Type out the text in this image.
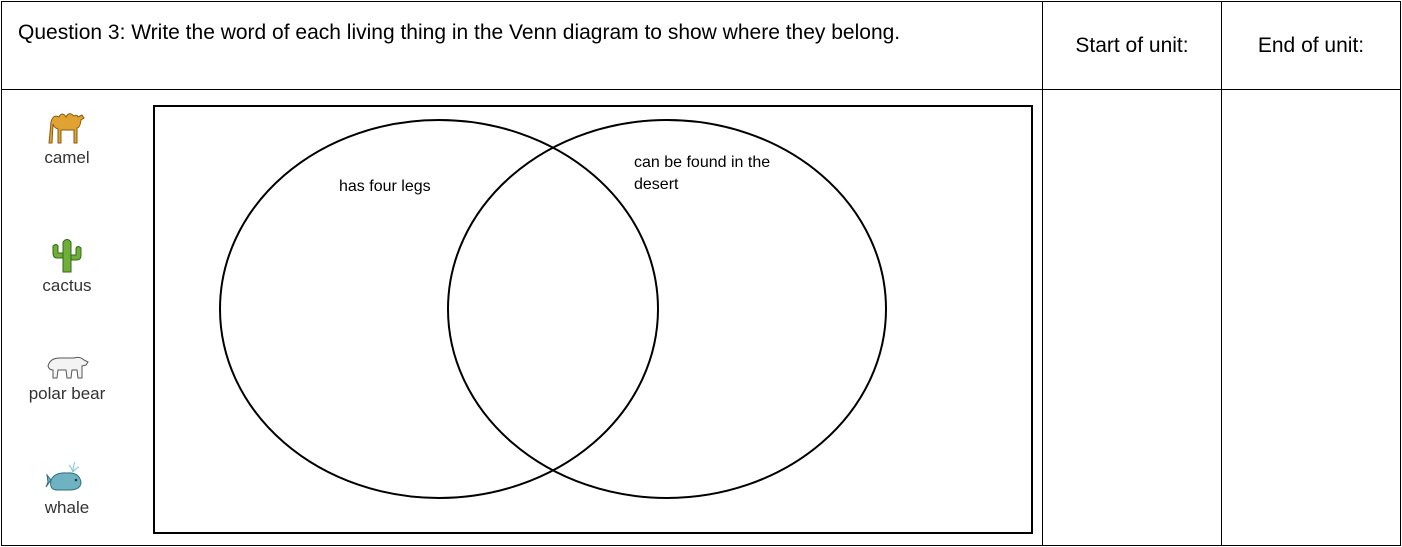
Question 3: Write the word of each living thing in the Venn diagram to show where they belong.
Start of unit:	End of unit:
camel
cactus
polar bear
whale
has four legs
can be found in the desert
